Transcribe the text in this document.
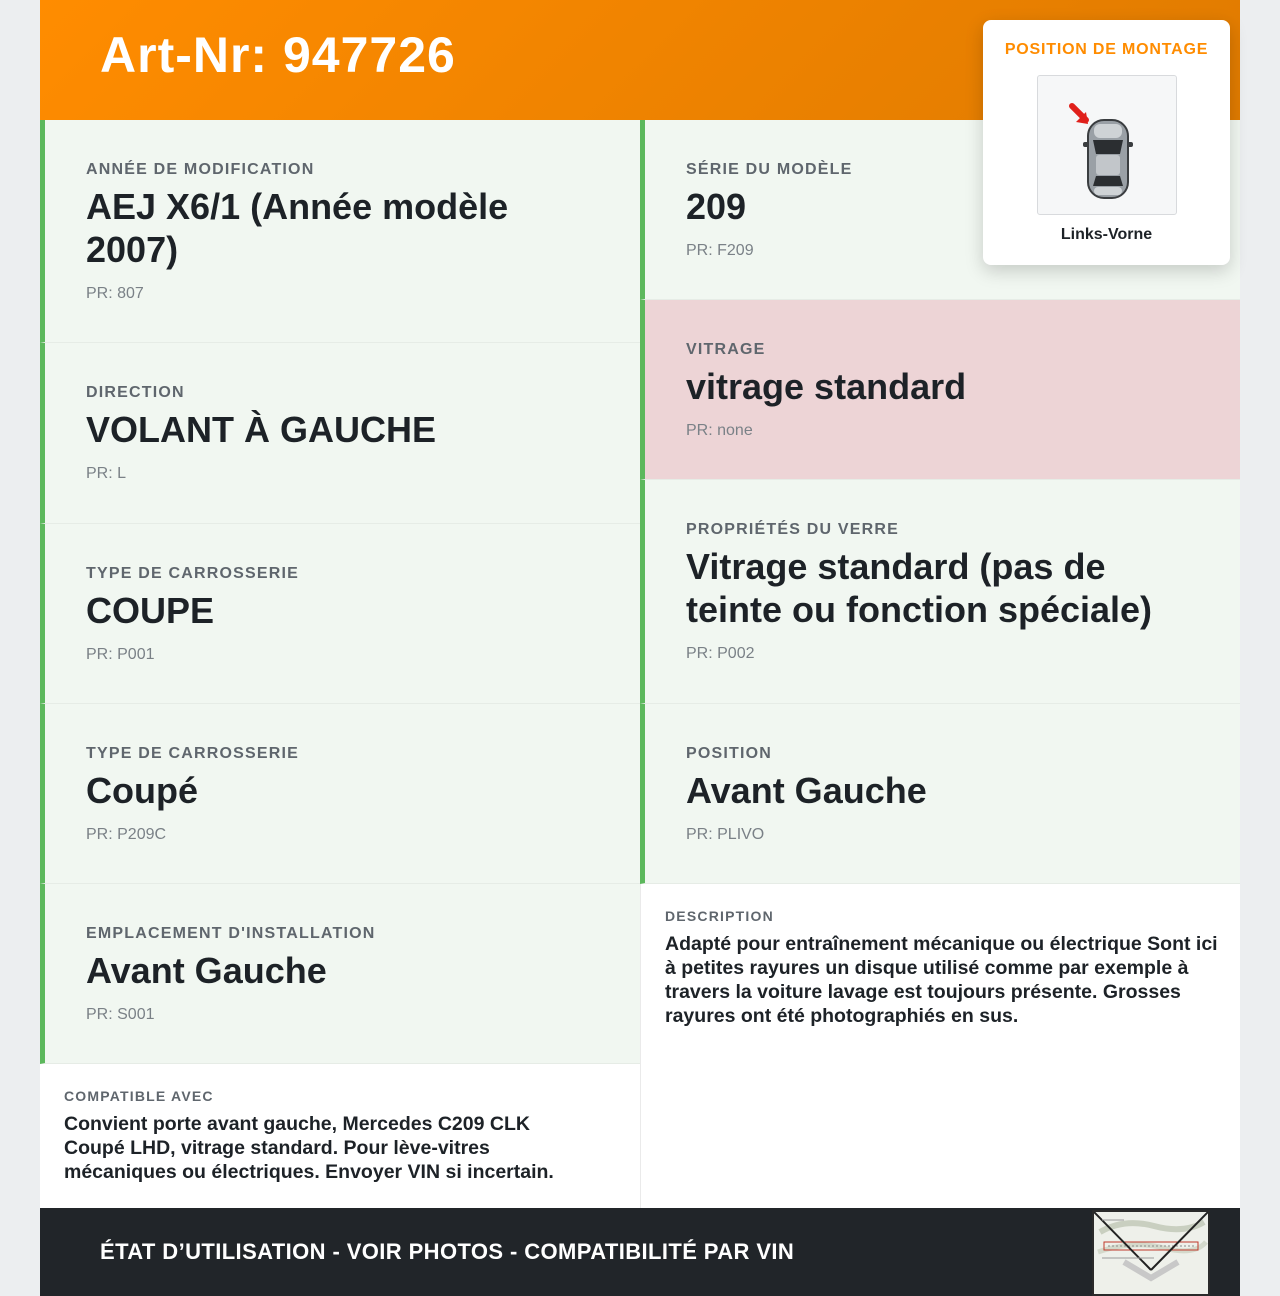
Art-Nr: 947726
ANNÉE DE MODIFICATION
AEJ X6/1 (Année modèle 2007)
PR: 807
DIRECTION
VOLANT À GAUCHE
PR: L
TYPE DE CARROSSERIE
COUPE
PR: P001
TYPE DE CARROSSERIE
Coupé
PR: P209C
EMPLACEMENT D'INSTALLATION
Avant Gauche
PR: S001
SÉRIE DU MODÈLE
209
PR: F209
VITRAGE
vitrage standard
PR: none
PROPRIÉTÉS DU VERRE
Vitrage standard (pas de teinte ou fonction spéciale)
PR: P002
POSITION
Avant Gauche
PR: PLIVO
DESCRIPTION
Adapté pour entraînement mécanique ou électrique Sont ici à petites rayures un disque utilisé comme par exemple à travers la voiture lavage est toujours présente. Grosses rayures ont été photographiés en sus.
COMPATIBLE AVEC
Convient porte avant gauche, Mercedes C209 CLK Coupé LHD, vitrage standard. Pour lève-vitres mécaniques ou électriques. Envoyer VIN si incertain.
ÉTAT D’UTILISATION - VOIR PHOTOS - COMPATIBILITÉ PAR VIN
POSITION DE MONTAGE
Links-Vorne
